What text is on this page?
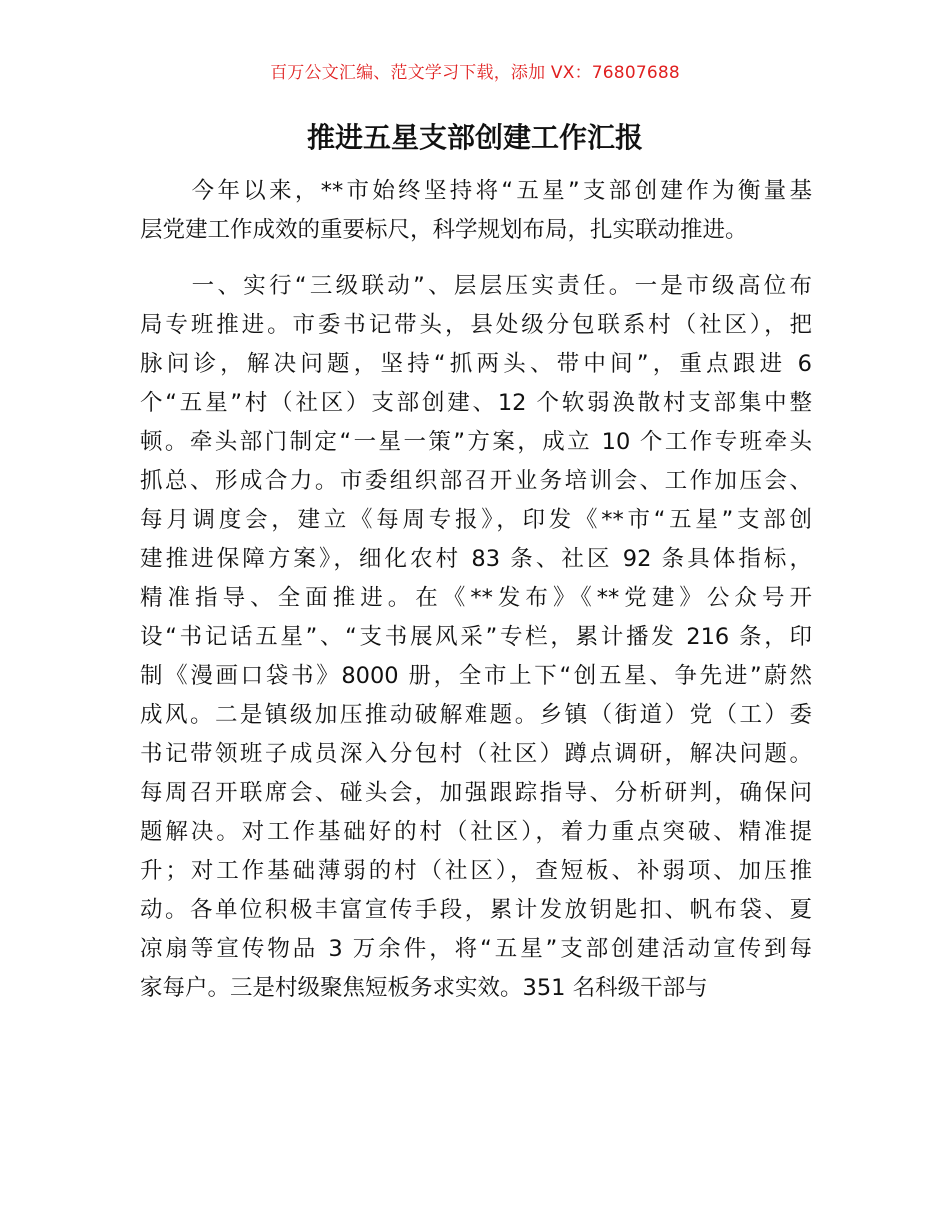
百万公文汇编、范文学习下载，添加 VX：76807688
推进五星支部创建工作汇报
　　今年以来，**市始终坚持将“五星”支部创建作为衡量基
层党建工作成效的重要标尺，科学规划布局，扎实联动推进。
　　一、实行“三级联动”、层层压实责任。一是市级高位布
局专班推进。市委书记带头，县处级分包联系村（社区），把
脉问诊，解决问题，坚持“抓两头、带中间”，重点跟进 6
个“五星”村（社区）支部创建、12 个软弱涣散村支部集中整
顿。牵头部门制定“一星一策”方案，成立 10 个工作专班牵头
抓总、形成合力。市委组织部召开业务培训会、工作加压会、
每月调度会，建立《每周专报》，印发《**市“五星”支部创
建推进保障方案》，细化农村 83 条、社区 92 条具体指标，
精准指导、全面推进。在《**发布》《**党建》公众号开
设“书记话五星”、“支书展风采”专栏，累计播发 216 条，印
制《漫画口袋书》8000 册，全市上下“创五星、争先进”蔚然
成风。二是镇级加压推动破解难题。乡镇（街道）党（工）委
书记带领班子成员深入分包村（社区）蹲点调研，解决问题。
每周召开联席会、碰头会，加强跟踪指导、分析研判，确保问
题解决。对工作基础好的村（社区），着力重点突破、精准提
升；对工作基础薄弱的村（社区），查短板、补弱项、加压推
动。各单位积极丰富宣传手段，累计发放钥匙扣、帆布袋、夏
凉扇等宣传物品 3 万余件，将“五星”支部创建活动宣传到每
家每户。三是村级聚焦短板务求实效。351 名科级干部与
